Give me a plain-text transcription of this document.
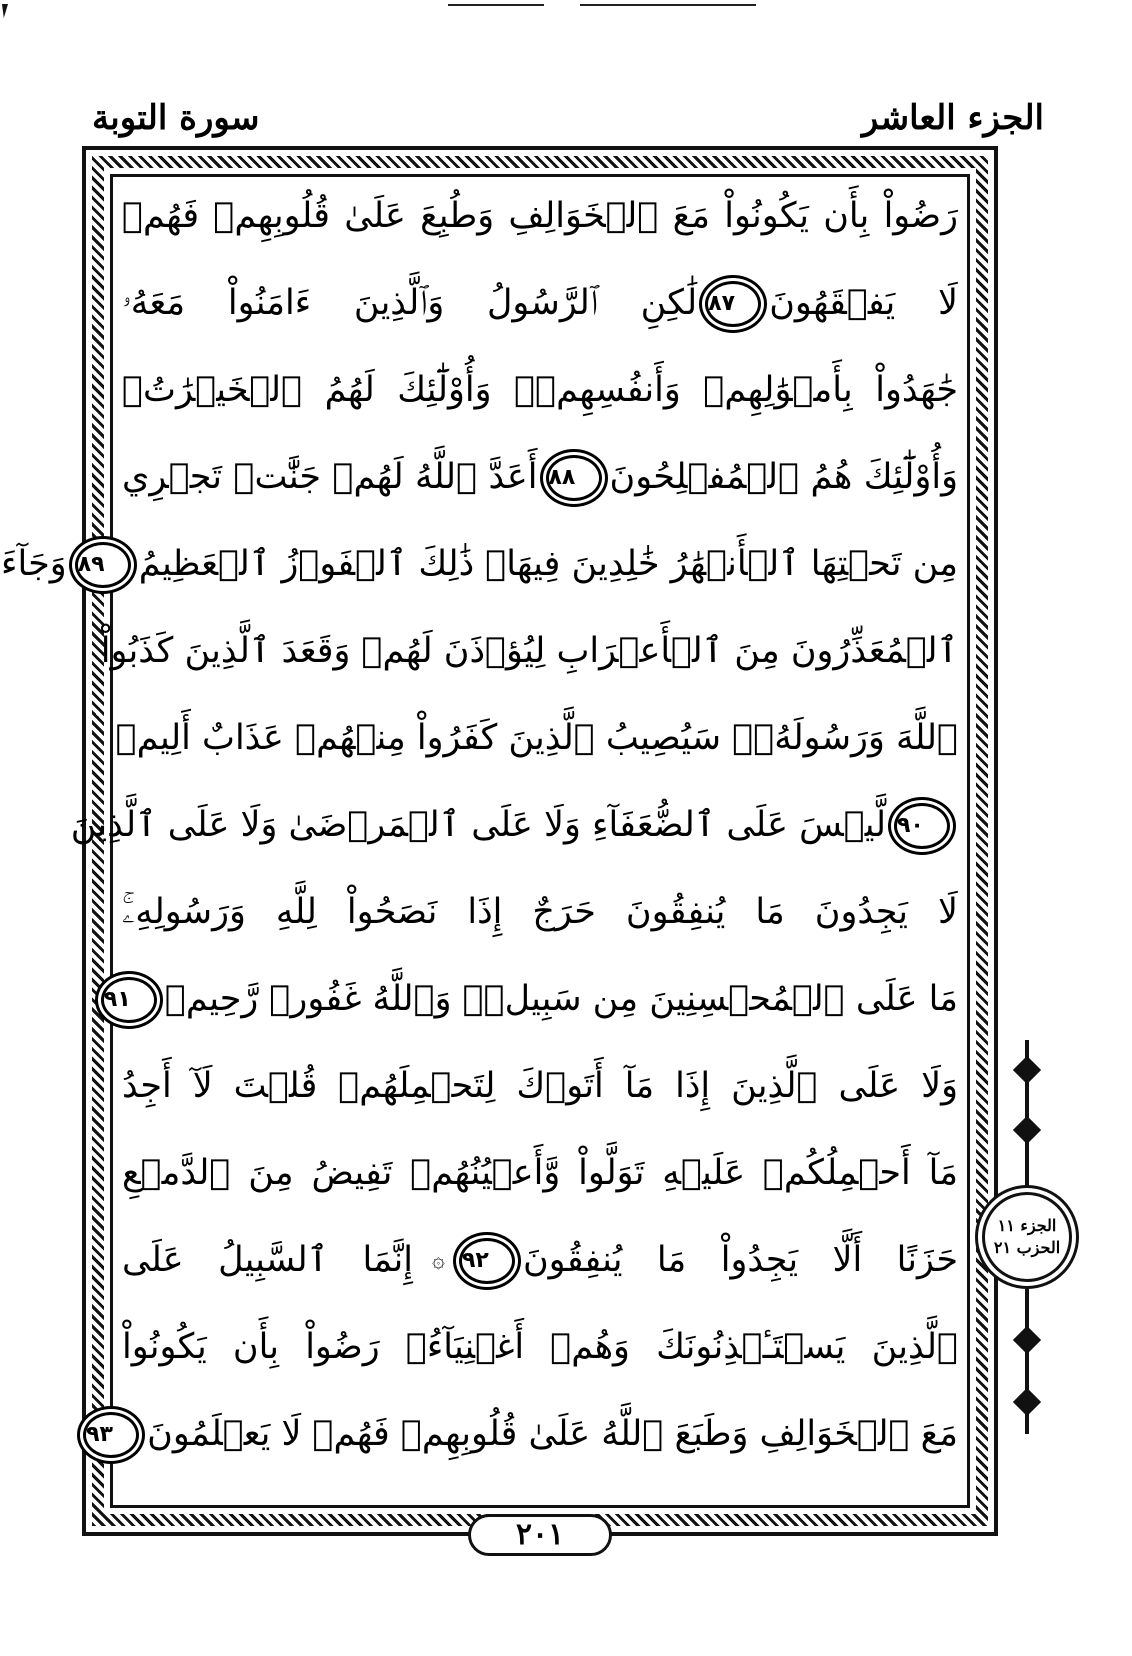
الجزء العاشر
سورة التوبة
رَضُواْ بِأَن يَكُونُواْ مَعَ ٱلۡخَوَالِفِ وَطُبِعَ عَلَىٰ قُلُوبِهِمۡ فَهُمۡ
لَا يَفۡقَهُونَ٨٧لَٰكِنِ ٱلرَّسُولُ وَٱلَّذِينَ ءَامَنُواْ مَعَهُۥ
جَٰهَدُواْ بِأَمۡوَٰلِهِمۡ وَأَنفُسِهِمۡۚ وَأُوْلَٰٓئِكَ لَهُمُ ٱلۡخَيۡرَٰتُۖ
وَأُوْلَٰٓئِكَ هُمُ ٱلۡمُفۡلِحُونَ٨٨أَعَدَّ ٱللَّهُ لَهُمۡ جَنَّٰتٖ تَجۡرِي
مِن تَحۡتِهَا ٱلۡأَنۡهَٰرُ خَٰلِدِينَ فِيهَاۚ ذَٰلِكَ ٱلۡفَوۡزُ ٱلۡعَظِيمُ٨٩وَجَآءَ
ٱلۡمُعَذِّرُونَ مِنَ ٱلۡأَعۡرَابِ لِيُؤۡذَنَ لَهُمۡ وَقَعَدَ ٱلَّذِينَ كَذَبُواْ
ٱللَّهَ وَرَسُولَهُۥۚ سَيُصِيبُ ٱلَّذِينَ كَفَرُواْ مِنۡهُمۡ عَذَابٌ أَلِيمٞ
٩٠لَّيۡسَ عَلَى ٱلضُّعَفَآءِ وَلَا عَلَى ٱلۡمَرۡضَىٰ وَلَا عَلَى ٱلَّذِينَ
لَا يَجِدُونَ مَا يُنفِقُونَ حَرَجٌ إِذَا نَصَحُواْ لِلَّهِ وَرَسُولِهِۦۚ
مَا عَلَى ٱلۡمُحۡسِنِينَ مِن سَبِيلٖۚ وَٱللَّهُ غَفُورٞ رَّحِيمٞ٩١
وَلَا عَلَى ٱلَّذِينَ إِذَا مَآ أَتَوۡكَ لِتَحۡمِلَهُمۡ قُلۡتَ لَآ أَجِدُ
مَآ أَحۡمِلُكُمۡ عَلَيۡهِ تَوَلَّواْ وَّأَعۡيُنُهُمۡ تَفِيضُ مِنَ ٱلدَّمۡعِ
حَزَنًا أَلَّا يَجِدُواْ مَا يُنفِقُونَ٩٢۞إِنَّمَا ٱلسَّبِيلُ عَلَى
ٱلَّذِينَ يَسۡتَـٔۡذِنُونَكَ وَهُمۡ أَغۡنِيَآءُۚ رَضُواْ بِأَن يَكُونُواْ
مَعَ ٱلۡخَوَالِفِ وَطَبَعَ ٱللَّهُ عَلَىٰ قُلُوبِهِمۡ فَهُمۡ لَا يَعۡلَمُونَ٩٣
٢٠١
الجزء ١١
الحزب ٢١
